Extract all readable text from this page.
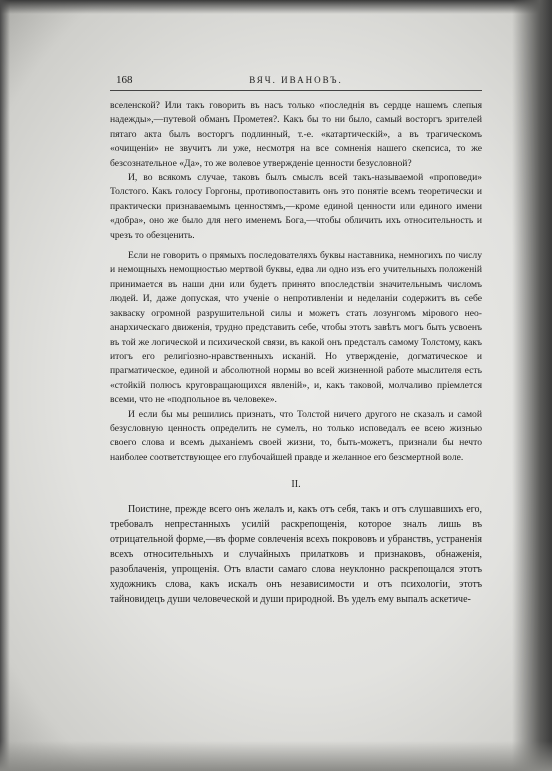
168	ВЯЧ. ИВАНОВЪ.

вселенской? Или такъ говорить въ насъ только «последнiя въ сердце нашемъ слепыя надежды»,—путевой обманъ Прометея?. Какъ бы то ни было, самый восторгъ зрителей пятаго акта былъ восторгъ подлинный, т.-е. «катартическiй», а въ трагическомъ «очищенiи» не звучитъ ли уже, несмотря на все сомненiя нашего скепсиса, то же безсознательное «Да», то же волевое утвержденiе ценности безусловной?

И, во всякомъ случае, таковъ былъ смыслъ всей такъ-называемой «проповеди» Толстого. Какъ голосу Горгоны, противопоставить онъ это понятiе всемъ теоретически и практически признаваемымъ ценностямъ,—кроме единой ценности или единого имени «добра», оно же было для него именемъ Бога,—чтобы обличить ихъ относительность и чрезъ то обезценить.

Если не говорить о прямыхъ последователяхъ буквы наставника, немногихъ по числу и немощныхъ немощностью мертвой буквы, едва ли одно изъ его учительныхъ положенiй принимается въ наши дни или будетъ принято впоследствiи значительнымъ числомъ людей. И, даже допуская, что ученiе о непротивленiи и неделанiи содержитъ въ себе закваску огромной разрушительной силы и можетъ стать лозунгомъ мiрового нео-анархическаго движенiя, трудно представить себе, чтобы этотъ завѣтъ могъ быть усвоенъ въ той же логической и психической связи, въ какой онъ предсталъ самому Толстому, какъ итогъ его религiозно-нравственныхъ исканiй. Но утвержденiе, догматическое и прагматическое, единой и абсолютной нормы во всей жизненной работе мыслителя есть «стойкiй полюсъ круговращающихся явленiй», и, какъ таковой, молчаливо прiемлется всеми, что не «подпольное въ человеке».

И если бы мы решились признать, что Толстой ничего другого не сказалъ и самой безусловную ценность определить не сумелъ, но только исповедалъ ее всею жизнью своего слова и всемъ дыханiемъ своей жизни, то, быть-можетъ, признали бы нечто наиболее соответствующее его глубочайшей правде и желанное его безсмертной воле.

II.

Поистине, прежде всего онъ желалъ и, какъ отъ себя, такъ и отъ слушавшихъ его, требовалъ непрестанныхъ усилiй раскрепощенiя, которое зналъ лишь въ отрицательной форме,—въ форме совлеченiя всехъ покрововъ и убранствъ, устраненiя всехъ относительныхъ и случайныхъ прилатковъ и признаковъ, обнаженiя, разоблаченiя, упрощенiя. Отъ власти самаго слова неуклонно раскрепощался этотъ художникъ слова, какъ искалъ онъ независимости и отъ психологiи, этотъ тайновидецъ души человеческой и души природной. Въ уделъ ему выпалъ аскетиче-
